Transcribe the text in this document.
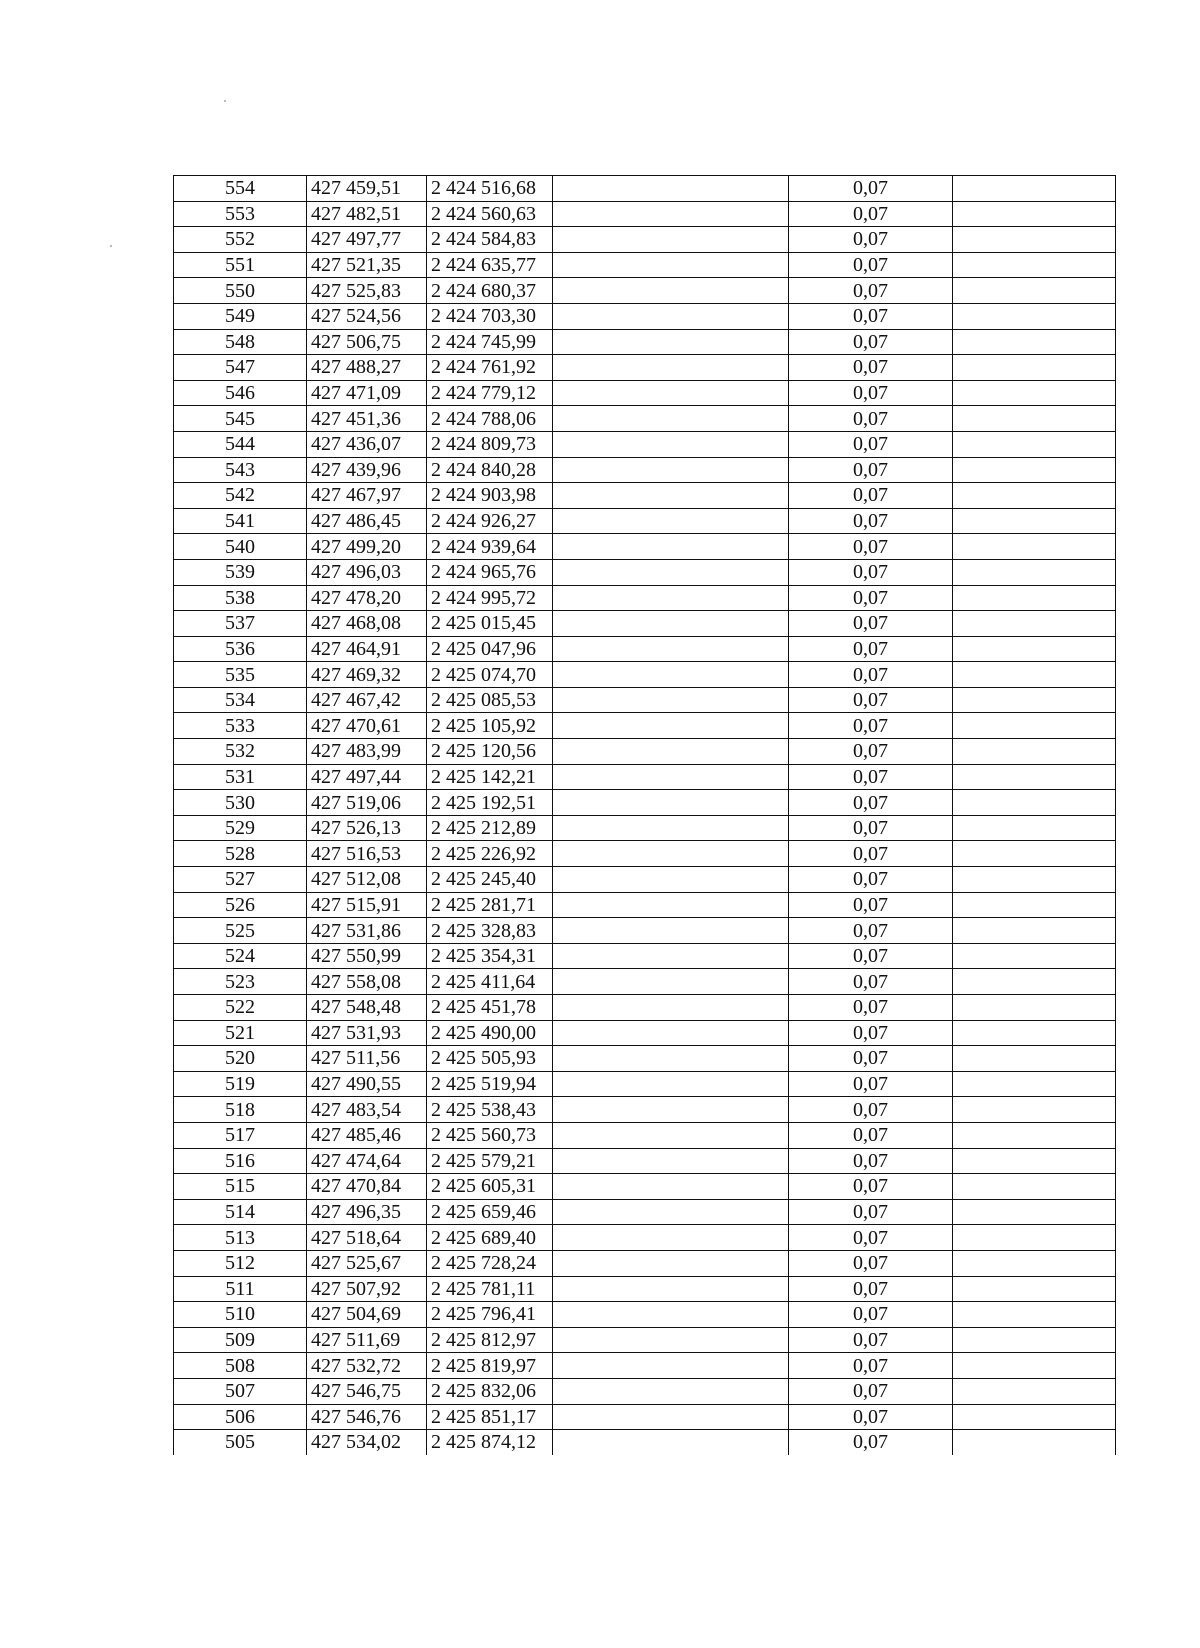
554	427 459,51	2 424 516,68		0,07	
553	427 482,51	2 424 560,63		0,07	
552	427 497,77	2 424 584,83		0,07	
551	427 521,35	2 424 635,77		0,07	
550	427 525,83	2 424 680,37		0,07	
549	427 524,56	2 424 703,30		0,07	
548	427 506,75	2 424 745,99		0,07	
547	427 488,27	2 424 761,92		0,07	
546	427 471,09	2 424 779,12		0,07	
545	427 451,36	2 424 788,06		0,07	
544	427 436,07	2 424 809,73		0,07	
543	427 439,96	2 424 840,28		0,07	
542	427 467,97	2 424 903,98		0,07	
541	427 486,45	2 424 926,27		0,07	
540	427 499,20	2 424 939,64		0,07	
539	427 496,03	2 424 965,76		0,07	
538	427 478,20	2 424 995,72		0,07	
537	427 468,08	2 425 015,45		0,07	
536	427 464,91	2 425 047,96		0,07	
535	427 469,32	2 425 074,70		0,07	
534	427 467,42	2 425 085,53		0,07	
533	427 470,61	2 425 105,92		0,07	
532	427 483,99	2 425 120,56		0,07	
531	427 497,44	2 425 142,21		0,07	
530	427 519,06	2 425 192,51		0,07	
529	427 526,13	2 425 212,89		0,07	
528	427 516,53	2 425 226,92		0,07	
527	427 512,08	2 425 245,40		0,07	
526	427 515,91	2 425 281,71		0,07	
525	427 531,86	2 425 328,83		0,07	
524	427 550,99	2 425 354,31		0,07	
523	427 558,08	2 425 411,64		0,07	
522	427 548,48	2 425 451,78		0,07	
521	427 531,93	2 425 490,00		0,07	
520	427 511,56	2 425 505,93		0,07	
519	427 490,55	2 425 519,94		0,07	
518	427 483,54	2 425 538,43		0,07	
517	427 485,46	2 425 560,73		0,07	
516	427 474,64	2 425 579,21		0,07	
515	427 470,84	2 425 605,31		0,07	
514	427 496,35	2 425 659,46		0,07	
513	427 518,64	2 425 689,40		0,07	
512	427 525,67	2 425 728,24		0,07	
511	427 507,92	2 425 781,11		0,07	
510	427 504,69	2 425 796,41		0,07	
509	427 511,69	2 425 812,97		0,07	
508	427 532,72	2 425 819,97		0,07	
507	427 546,75	2 425 832,06		0,07	
506	427 546,76	2 425 851,17		0,07	
505	427 534,02	2 425 874,12		0,07	
